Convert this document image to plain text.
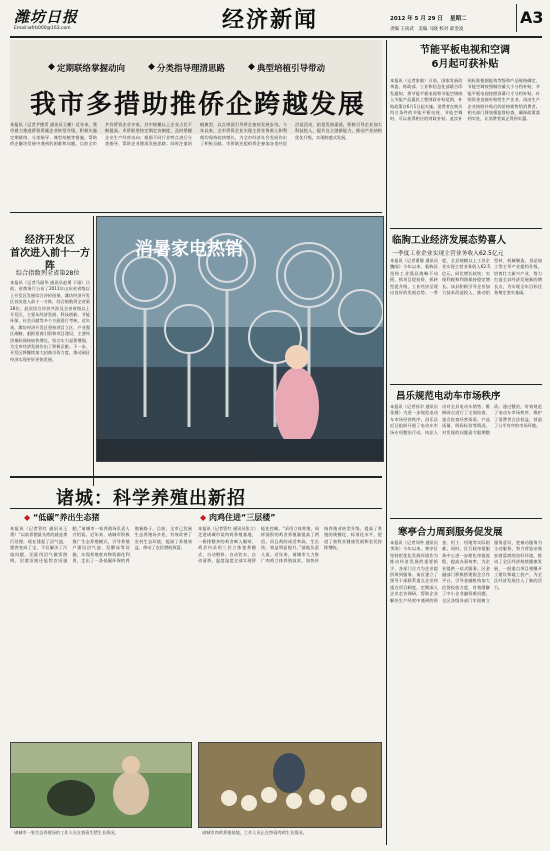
潍坊日报
Email:wfrb000@163.com	经济新闻	2012 年 5 月 29 日 星期二
责编 王尚武　美编 马晓 校对 薛金凌
A3
◆ 定期联络掌握动向	◆ 分类指导理清思路	◆ 典型培植引导带动
我市多措助推侨企跨越发展
本报讯（记者尹德青 通讯员王鹏）近年来，我市着力推进侨资侨属企业转型升级，积极实施定期联络、分类指导、典型培植等措施，帮助侨企解决发展中遇到的困难和问题。目前全市共有侨资企业多家，其中规模以上企业占比不断提高。市侨联坚持定期走访制度，及时掌握企业生产经营动向；根据不同行业特点进行分类指导，帮助企业理清发展思路；同时注重培植典型，以点带面引导侨企加快发展步伐。今年以来，全市侨资企业实现主营业务收入和利税均保持较快增长，为全市经济社会发展作出了积极贡献。市侨联还组织侨企参加各类经贸洽谈活动，拓宽发展渠道，积极引导企业加大科技投入，提升自主创新能力，推动产业结构优化升级，实现跨越式发展。
节能平板电视和空调
6月起可获补贴
本报讯（记者张敏）日前，国家发展改革委、财政部、工业和信息化部联合印发通知，将节能平板电视和节能空调纳入节能产品惠民工程财政补贴范围，补贴政策自6月1日起实施。消费者在购买符合条件的节能平板电视、节能空调时，可以获得相应的财政补贴。此次补贴标准根据能效等级和产品规格确定，节能空调按照制冷量大小分档补贴，节能平板电视按照屏幕尺寸分档补贴。补贴资金直接补贴给生产企业，再由生产企业按照补贴后的价格销售给消费者。相关部门将加强监督检查，确保政策落到实处，让消费者真正得到实惠。
经济开发区
首次进入前十一方阵
综合指数列全省第28位
本报讯（记者马丽华 通讯员赵勇 于丽）日前，省商务厅公布了2011年山东省省级以上开发区发展综合评价结果，潍坊经济开发区首次进入前十一方阵，综合指数列全省第28位。此次综合评价共涉及全省省级以上开发区，主要从经济发展、科技创新、节能环保、社会贡献等多个方面进行考核。近年来，潍坊经济开发区坚持项目立区、产业强区战略，狠抓招商引资和项目建设，主要经济指标保持较快增长，综合实力显著增强，为全市经济发展作出了积极贡献。下一步，开发区将继续加大招商引资力度，推动园区经济实现更好更快发展。
消暑家电热销
5月28日，顾客在潍坊某商场挑选电风扇。时下气温逐步升高，消暑家电销售升温。
临朐工业经济发展态势喜人
一季度工业企业实现主营业务收入62.5亿元
本报讯（记者曹静 通讯员魏刚）今年以来，临朐县坚持工业强县战略不动摇，抓项目促投资，抓转型促升级，工业经济呈现出良好的发展态势。一季度，全县规模以上工业企业实现主营业务收入62.5亿元，同比增长较快；实现利税和利润保持稳定增长。该县积极引导企业加大技术改造投入，推动铝型材、机械制造、食品加工等主导产业提档升级，培育壮大新兴产业，努力打造全县经济发展新的增长点，为实现全年目标任务奠定坚实基础。
昌乐规范电动车市场秩序
本报讯（记者孙学 通讯员张健）为进一步规范电动车市场经营秩序，昌乐县近日组织开展了电动车市场专项整治行动。执法人员对全县电动车销售、维修网点进行了全面检查，重点检查经营资质、产品质量、明码标价等情况，对发现的问题责令限期整改。通过整治，有效规范了电动车市场秩序，维护了消费者合法权益，营造了公平有序的市场环境。
寒亭合力周到服务促发展
本报讯（记者刘冬 通讯员李涛）今年以来，寒亭区坚持把优化发展环境作为推动经济发展的重要抓手，各部门合力为企业提供周到服务。该区建立了领导干部联系重点企业和重点项目制度，定期深入企业走访调研，帮助企业解决生产经营中遇到的资金、用工、用地等实际困难。同时，区行政审批服务中心进一步简化审批流程，提高办事效率，为企业提供一站式服务。区金融部门积极搭建银企合作平台，引导金融机构加大信贷投放力度，有效缓解了中小企业融资难问题。全区各级各部门牢固树立服务意识，变被动服务为主动服务，努力营造亲商安商富商的良好环境，推动了全区经济持续健康发展，一批重点项目相继开工建设和竣工投产，为全区经济发展注入了新的活力。
诸城：科学养殖出新招
◆ “低碳”养出生态猪	◆ 肉鸡住进“三层楼”
本报讯（记者管红 通讯员王勇）“以前养猪最头疼的就是粪污处理，现在建起了沼气池，猪粪变成了宝，不仅解决了污染问题，还能用沼气做饭照明，沼渣沼液还能给农田施肥。”诸城市一家养殖场负责人介绍说。近年来，诸城市积极推广生态养殖模式，引导养殖户建设沼气池、发酵床等设施，实现养殖废弃物资源化利用，走出了一条低碳环保的养殖新路子。目前，全市已发展生态养殖场多处，有效改善了农村生态环境，提高了养殖效益，带动了农民增收致富。
本报讯（记者管红 通讯员张立）走进诸城市某肉鸡养殖基地，一排排整齐的鸡舍映入眼帘，鸡舍内采用三层立体笼养模式，自动喂料、自动饮水、自动清粪，温度湿度全部实现智能化控制。“采用立体养殖，同样面积的鸡舍养殖量提高了两倍，而且鸡的成活率高、生长快，效益明显提升。”基地负责人说。近年来，诸城市大力推广肉鸡立体养殖技术，加快传统养殖业转型升级，提高了养殖的规模化、标准化水平，促进了畜牧业健康发展和农民持续增收。
诸城市一家生态养殖场的工作人员在查看生猪生长情况。	诸城市肉鸡养殖基地，工作人员正在察看肉鸡生长情况。
